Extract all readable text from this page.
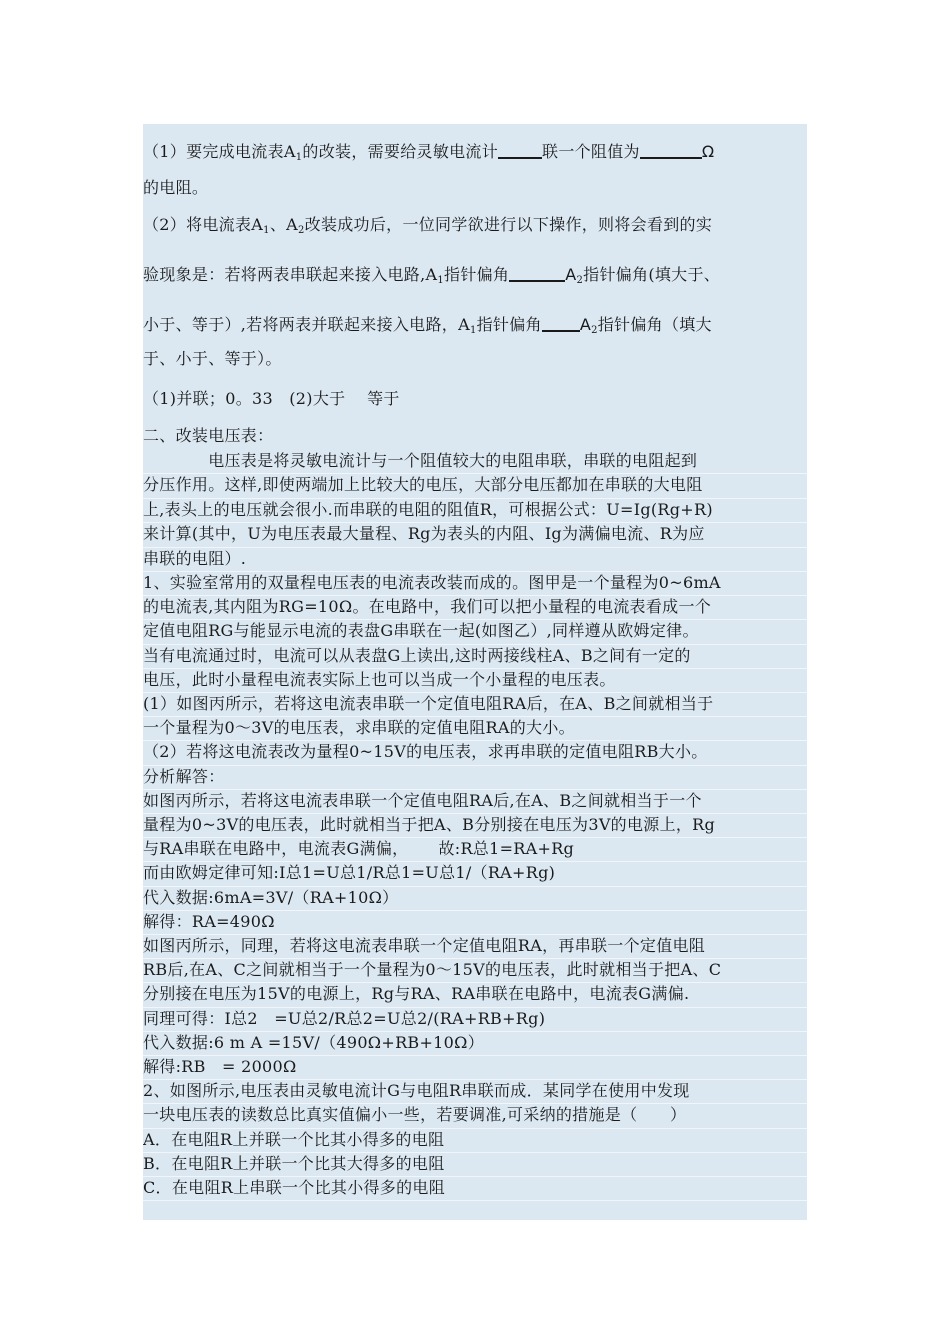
（1）要完成电流表$A_1$的改装，需要给灵敏电流计	联一个阻值为	Ω
的电阻。
（2）将电流表$A_1$、$A_2$改装成功后，一位同学欲进行以下操作，则将会看到的实
验现象是：若将两表串联起来接入电路$,A_1$指针偏角	$A_2$指针偏角(填大于、
小于、等于）,若将两表并联起来接入电路，$A_1$指针偏角 $A_2$指针偏角（填大
于、小于、等于）。
（1)并联；0。33　(2)大于　 等于
二、改装电压表：
　　　　电压表是将灵敏电流计与一个阻值较大的电阻串联，串联的电阻起到
分压作用。这样,即使两端加上比较大的电压，大部分电压都加在串联的大电阻
上,表头上的电压就会很小.而串联的电阻的阻值R，可根据公式：U=Ig(Rg+R)
来计算(其中，U为电压表最大量程、Rg为表头的内阻、Ig为满偏电流、R为应
串联的电阻）.
1、实验室常用的双量程电压表的电流表改装而成的。图甲是一个量程为0~6mA
的电流表,其内阻为RG=10Ω。在电路中，我们可以把小量程的电流表看成一个
定值电阻RG与能显示电流的表盘G串联在一起(如图乙）,同样遵从欧姆定律。
当有电流通过时，电流可以从表盘G上读出,这时两接线柱A、B之间有一定的
电压，此时小量程电流表实际上也可以当成一个小量程的电压表。
(1）如图丙所示，若将这电流表串联一个定值电阻RA后，在A、B之间就相当于
一个量程为0～3V的电压表，求串联的定值电阻RA的大小。
（2）若将这电流表改为量程0~15V的电压表，求再串联的定值电阻RB大小。
分析解答：
如图丙所示，若将这电流表串联一个定值电阻RA后,在A、B之间就相当于一个
量程为0~3V的电压表，此时就相当于把A、B分别接在电压为3V的电源上，Rg
与RA串联在电路中，电流表G满偏，　　 故:R总1=RA+Rg
而由欧姆定律可知:I总1=U总1/R总1=U总1/（RA+Rg)
代入数据:6mA=3V/（RA+10Ω）
解得：RA=490Ω
如图丙所示，同理，若将这电流表串联一个定值电阻RA，再串联一个定值电阻
RB后,在A、C之间就相当于一个量程为0～15V的电压表，此时就相当于把A、C
分别接在电压为15V的电源上，Rg与RA、RA串联在电路中，电流表G满偏.
同理可得：I总2　=U总2/R总2=U总2/(RA+RB+Rg)
代入数据:6 m A =15V/（490Ω+RB+10Ω）
解得:RB　= 2000Ω
2、如图所示,电压表由灵敏电流计G与电阻R串联而成．某同学在使用中发现
一块电压表的读数总比真实值偏小一些，若要调准,可采纳的措施是（　　）
A．在电阻R上并联一个比其小得多的电阻
B．在电阻R上并联一个比其大得多的电阻
C．在电阻R上串联一个比其小得多的电阻
